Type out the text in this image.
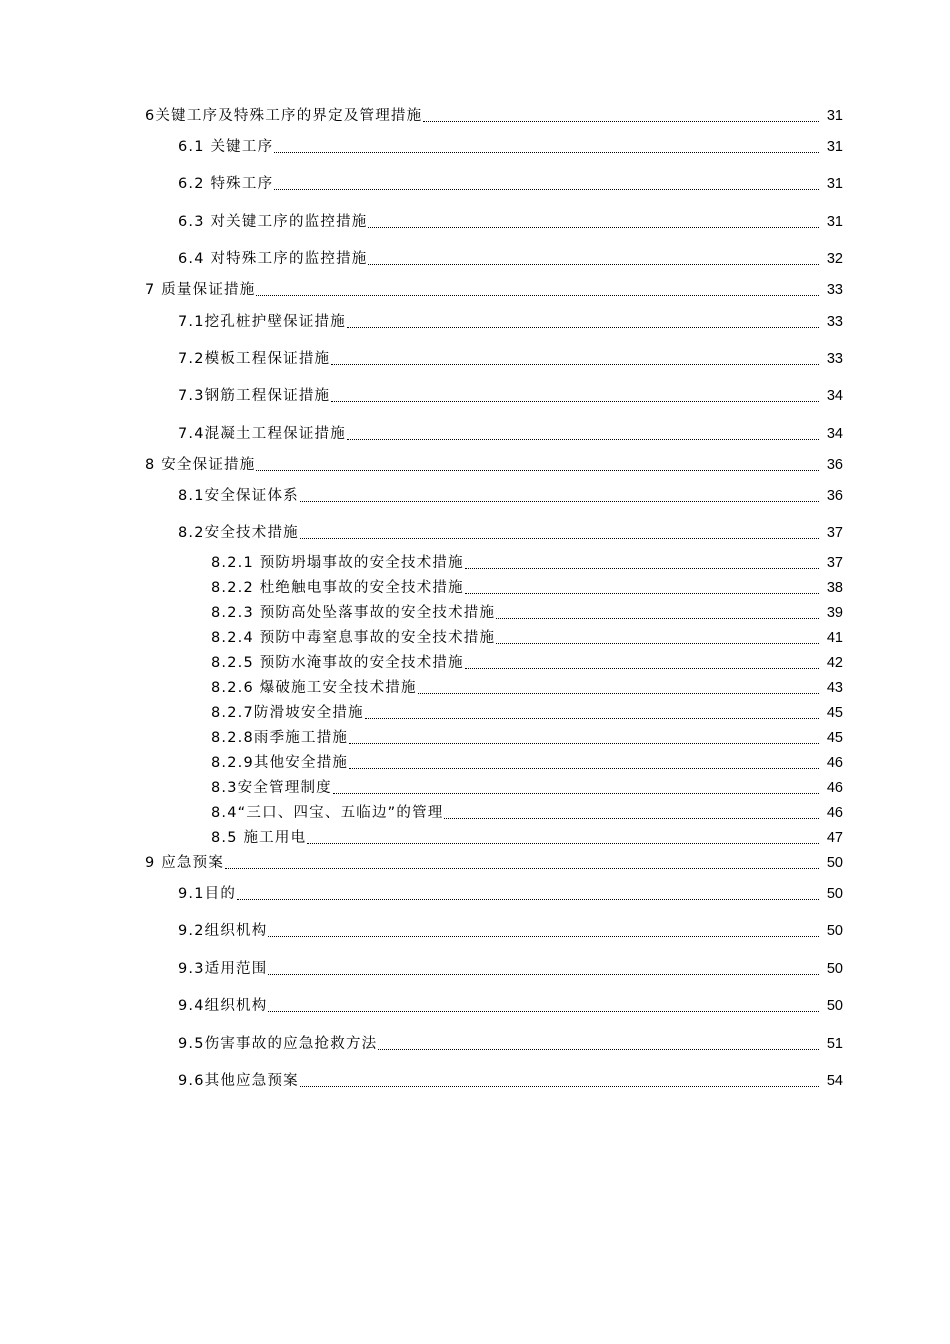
6关键工序及特殊工序的界定及管理措施	31
6.1 关键工序	31
6.2 特殊工序	31
6.3 对关键工序的监控措施	31
6.4 对特殊工序的监控措施	32
7 质量保证措施	33
7.1挖孔桩护壁保证措施	33
7.2模板工程保证措施	33
7.3钢筋工程保证措施	34
7.4混凝土工程保证措施	34
8 安全保证措施	36
8.1安全保证体系	36
8.2安全技术措施	37
8.2.1 预防坍塌事故的安全技术措施	37
8.2.2 杜绝触电事故的安全技术措施	38
8.2.3 预防高处坠落事故的安全技术措施	39
8.2.4 预防中毒窒息事故的安全技术措施	41
8.2.5 预防水淹事故的安全技术措施	42
8.2.6 爆破施工安全技术措施	43
8.2.7防滑坡安全措施	45
8.2.8雨季施工措施	45
8.2.9其他安全措施	46
8.3安全管理制度	46
8.4“三口、四宝、五临边”的管理	46
8.5 施工用电	47
9 应急预案	50
9.1目的	50
9.2组织机构	50
9.3适用范围	50
9.4组织机构	50
9.5伤害事故的应急抢救方法	51
9.6其他应急预案	54
